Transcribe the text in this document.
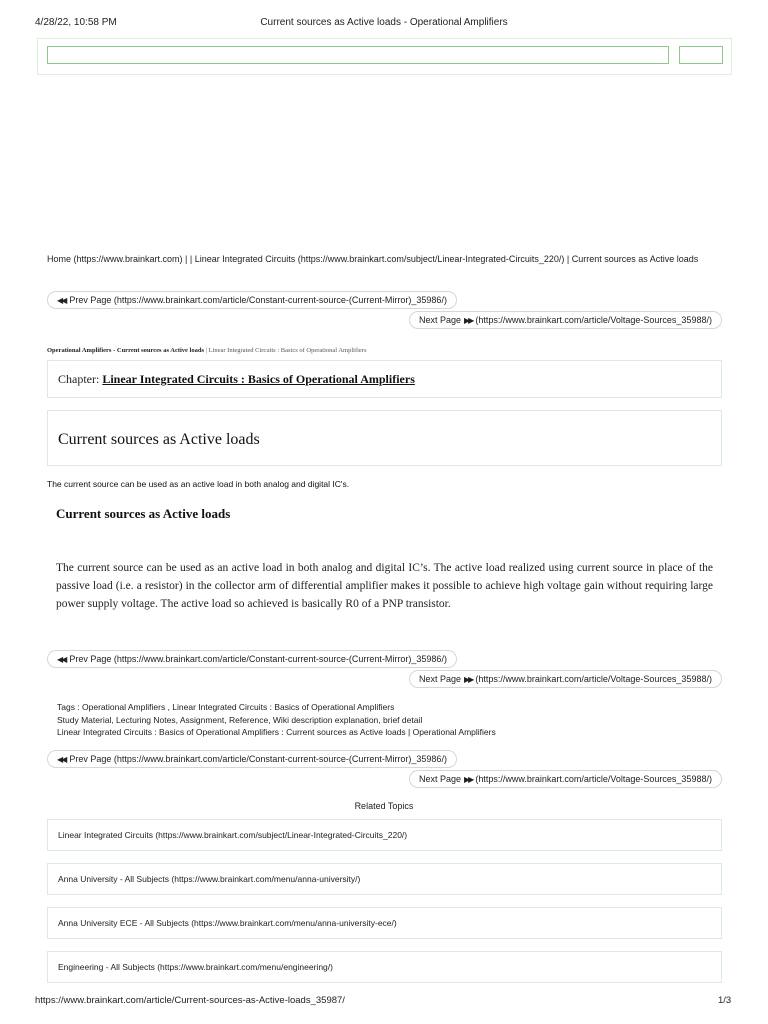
4/28/22, 10:58 PM	Current sources as Active loads - Operational Amplifiers
Home (https://www.brainkart.com) | | Linear Integrated Circuits (https://www.brainkart.com/subject/Linear-Integrated-Circuits_220/) | Current sources as Active loads
◀◀ Prev Page (https://www.brainkart.com/article/Constant-current-source-(Current-Mirror)_35986/)
Next Page ▶▶ (https://www.brainkart.com/article/Voltage-Sources_35988/)
Operational Amplifiers - Current sources as Active loads | Linear Integrated Circuits : Basics of Operational Amplifiers
Chapter: Linear Integrated Circuits : Basics of Operational Amplifiers
Current sources as Active loads
The current source can be used as an active load in both analog and digital IC's.
Current sources as Active loads
The current source can be used as an active load in both analog and digital IC’s. The active load realized using current source in place of the passive load (i.e. a resistor) in the collector arm of differential amplifier makes it possible to achieve high voltage gain without requiring large power supply voltage. The active load so achieved is basically R0 of a PNP transistor.
◀◀ Prev Page (https://www.brainkart.com/article/Constant-current-source-(Current-Mirror)_35986/)
Next Page ▶▶ (https://www.brainkart.com/article/Voltage-Sources_35988/)
Tags : Operational Amplifiers , Linear Integrated Circuits : Basics of Operational Amplifiers
Study Material, Lecturing Notes, Assignment, Reference, Wiki description explanation, brief detail
Linear Integrated Circuits : Basics of Operational Amplifiers : Current sources as Active loads | Operational Amplifiers
◀◀ Prev Page (https://www.brainkart.com/article/Constant-current-source-(Current-Mirror)_35986/)
Next Page ▶▶ (https://www.brainkart.com/article/Voltage-Sources_35988/)
Related Topics
Linear Integrated Circuits (https://www.brainkart.com/subject/Linear-Integrated-Circuits_220/)
Anna University - All Subjects (https://www.brainkart.com/menu/anna-university/)
Anna University ECE - All Subjects (https://www.brainkart.com/menu/anna-university-ece/)
Engineering - All Subjects (https://www.brainkart.com/menu/engineering/)
https://www.brainkart.com/article/Current-sources-as-Active-loads_35987/	1/3
